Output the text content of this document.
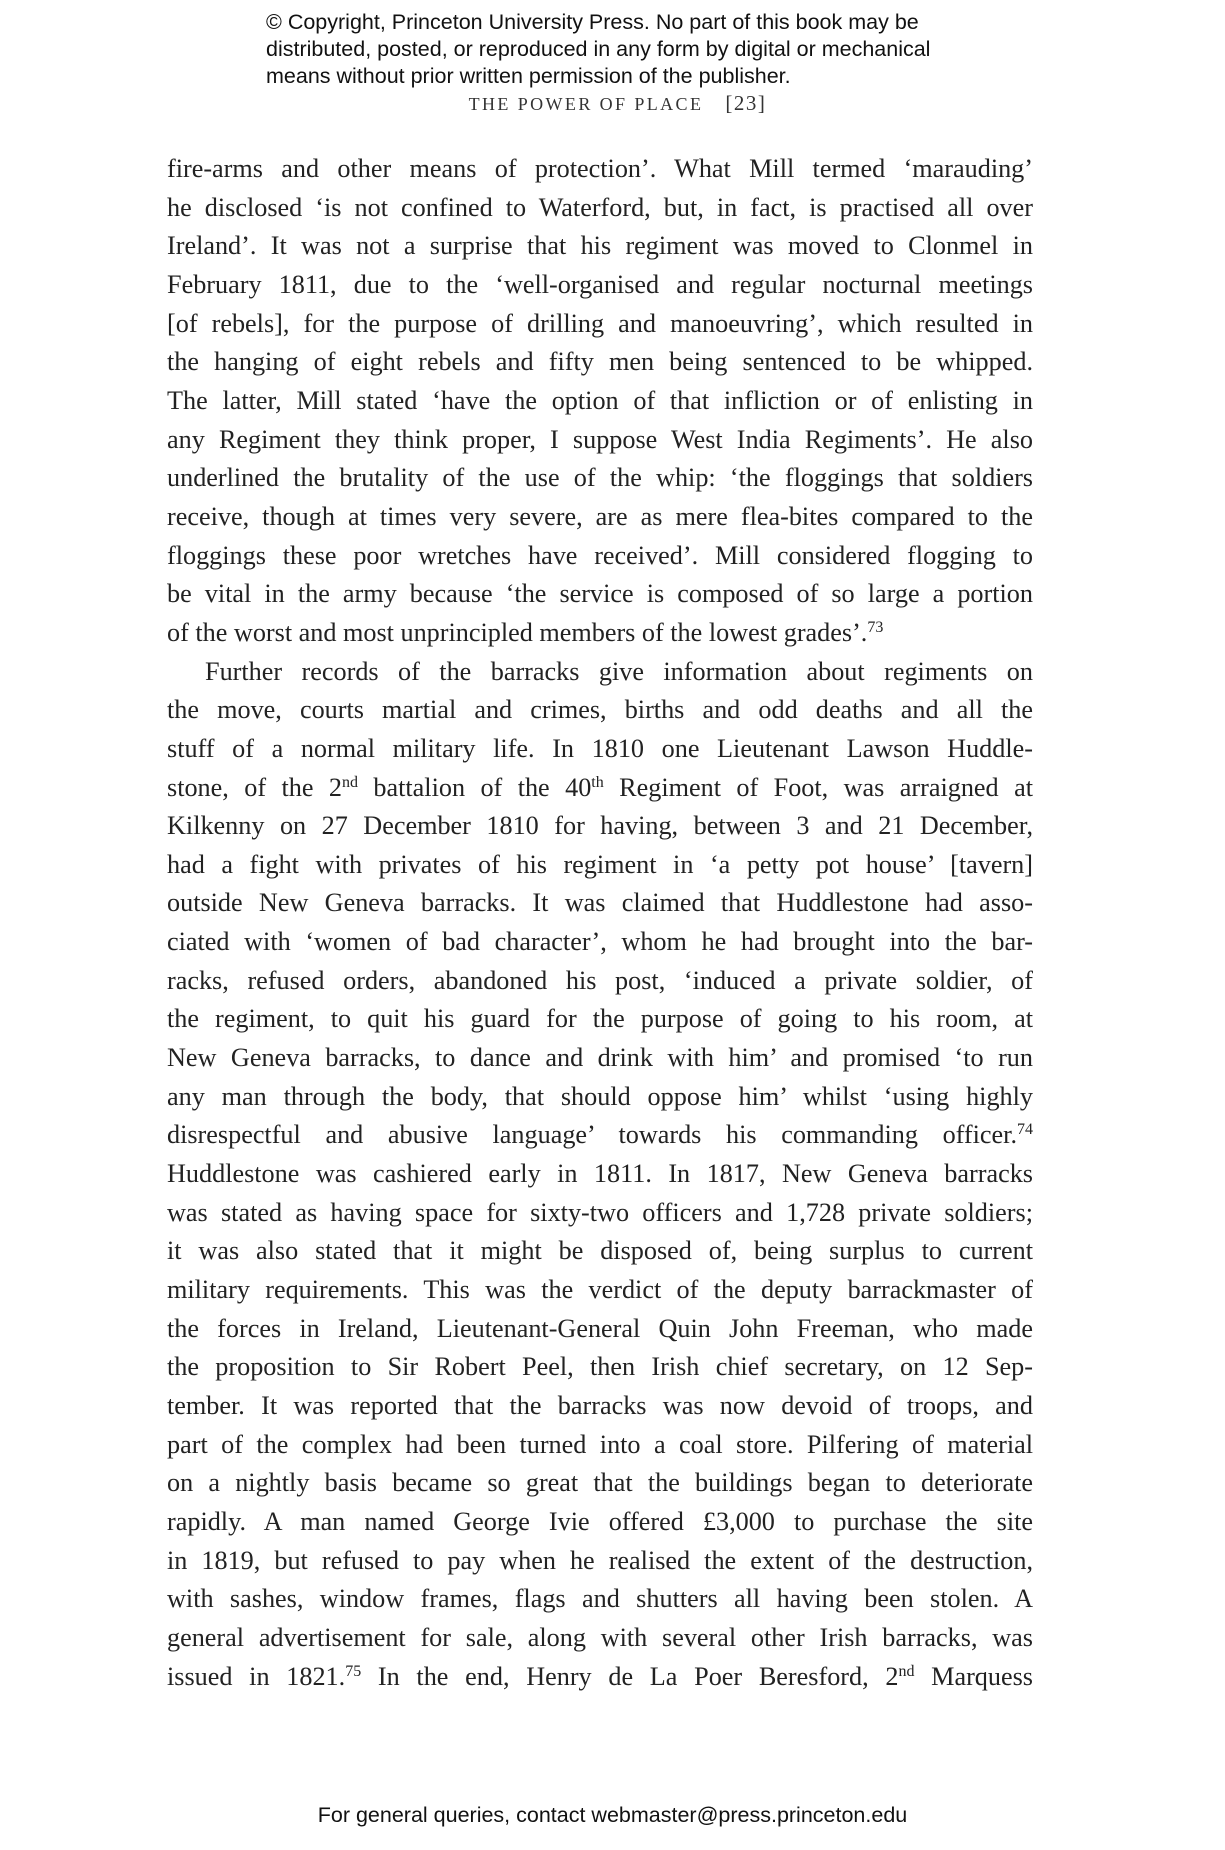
© Copyright, Princeton University Press. No part of this book may be
distributed, posted, or reproduced in any form by digital or mechanical
means without prior written permission of the publisher.
THE POWER OF PLACE [23]
fire-arms and other means of protection’. What Mill termed ‘marauding’
he disclosed ‘is not confined to Waterford, but, in fact, is practised all over
Ireland’. It was not a surprise that his regiment was moved to Clonmel in
February 1811, due to the ‘well-organised and regular nocturnal meetings
[of rebels], for the purpose of drilling and manoeuvring’, which resulted in
the hanging of eight rebels and fifty men being sentenced to be whipped.
The latter, Mill stated ‘have the option of that infliction or of enlisting in
any Regiment they think proper, I suppose West India Regiments’. He also
underlined the brutality of the use of the whip: ‘the floggings that soldiers
receive, though at times very severe, are as mere flea-bites compared to the
floggings these poor wretches have received’. Mill considered flogging to
be vital in the army because ‘the service is composed of so large a portion
of the worst and most unprincipled members of the lowest grades’.$^{73}$
Further records of the barracks give information about regiments on
the move, courts martial and crimes, births and odd deaths and all the
stuff of a normal military life. In 1810 one Lieutenant Lawson Huddle-
stone, of the 2nd battalion of the 40th Regiment of Foot, was arraigned at
Kilkenny on 27 December 1810 for having, between 3 and 21 December,
had a fight with privates of his regiment in ‘a petty pot house’ [tavern]
outside New Geneva barracks. It was claimed that Huddlestone had asso-
ciated with ‘women of bad character’, whom he had brought into the bar-
racks, refused orders, abandoned his post, ‘induced a private soldier, of
the regiment, to quit his guard for the purpose of going to his room, at
New Geneva barracks, to dance and drink with him’ and promised ‘to run
any man through the body, that should oppose him’ whilst ‘using highly
disrespectful and abusive language’ towards his commanding officer.$^{74}$
Huddlestone was cashiered early in 1811. In 1817, New Geneva barracks
was stated as having space for sixty-two officers and 1,728 private soldiers;
it was also stated that it might be disposed of, being surplus to current
military requirements. This was the verdict of the deputy barrackmaster of
the forces in Ireland, Lieutenant-General Quin John Freeman, who made
the proposition to Sir Robert Peel, then Irish chief secretary, on 12 Sep-
tember. It was reported that the barracks was now devoid of troops, and
part of the complex had been turned into a coal store. Pilfering of material
on a nightly basis became so great that the buildings began to deteriorate
rapidly. A man named George Ivie offered £3,000 to purchase the site
in 1819, but refused to pay when he realised the extent of the destruction,
with sashes, window frames, flags and shutters all having been stolen. A
general advertisement for sale, along with several other Irish barracks, was
issued in 1821.75 In the end, Henry de La Poer Beresford, 2nd Marquess
For general queries, contact webmaster@press.princeton.edu
